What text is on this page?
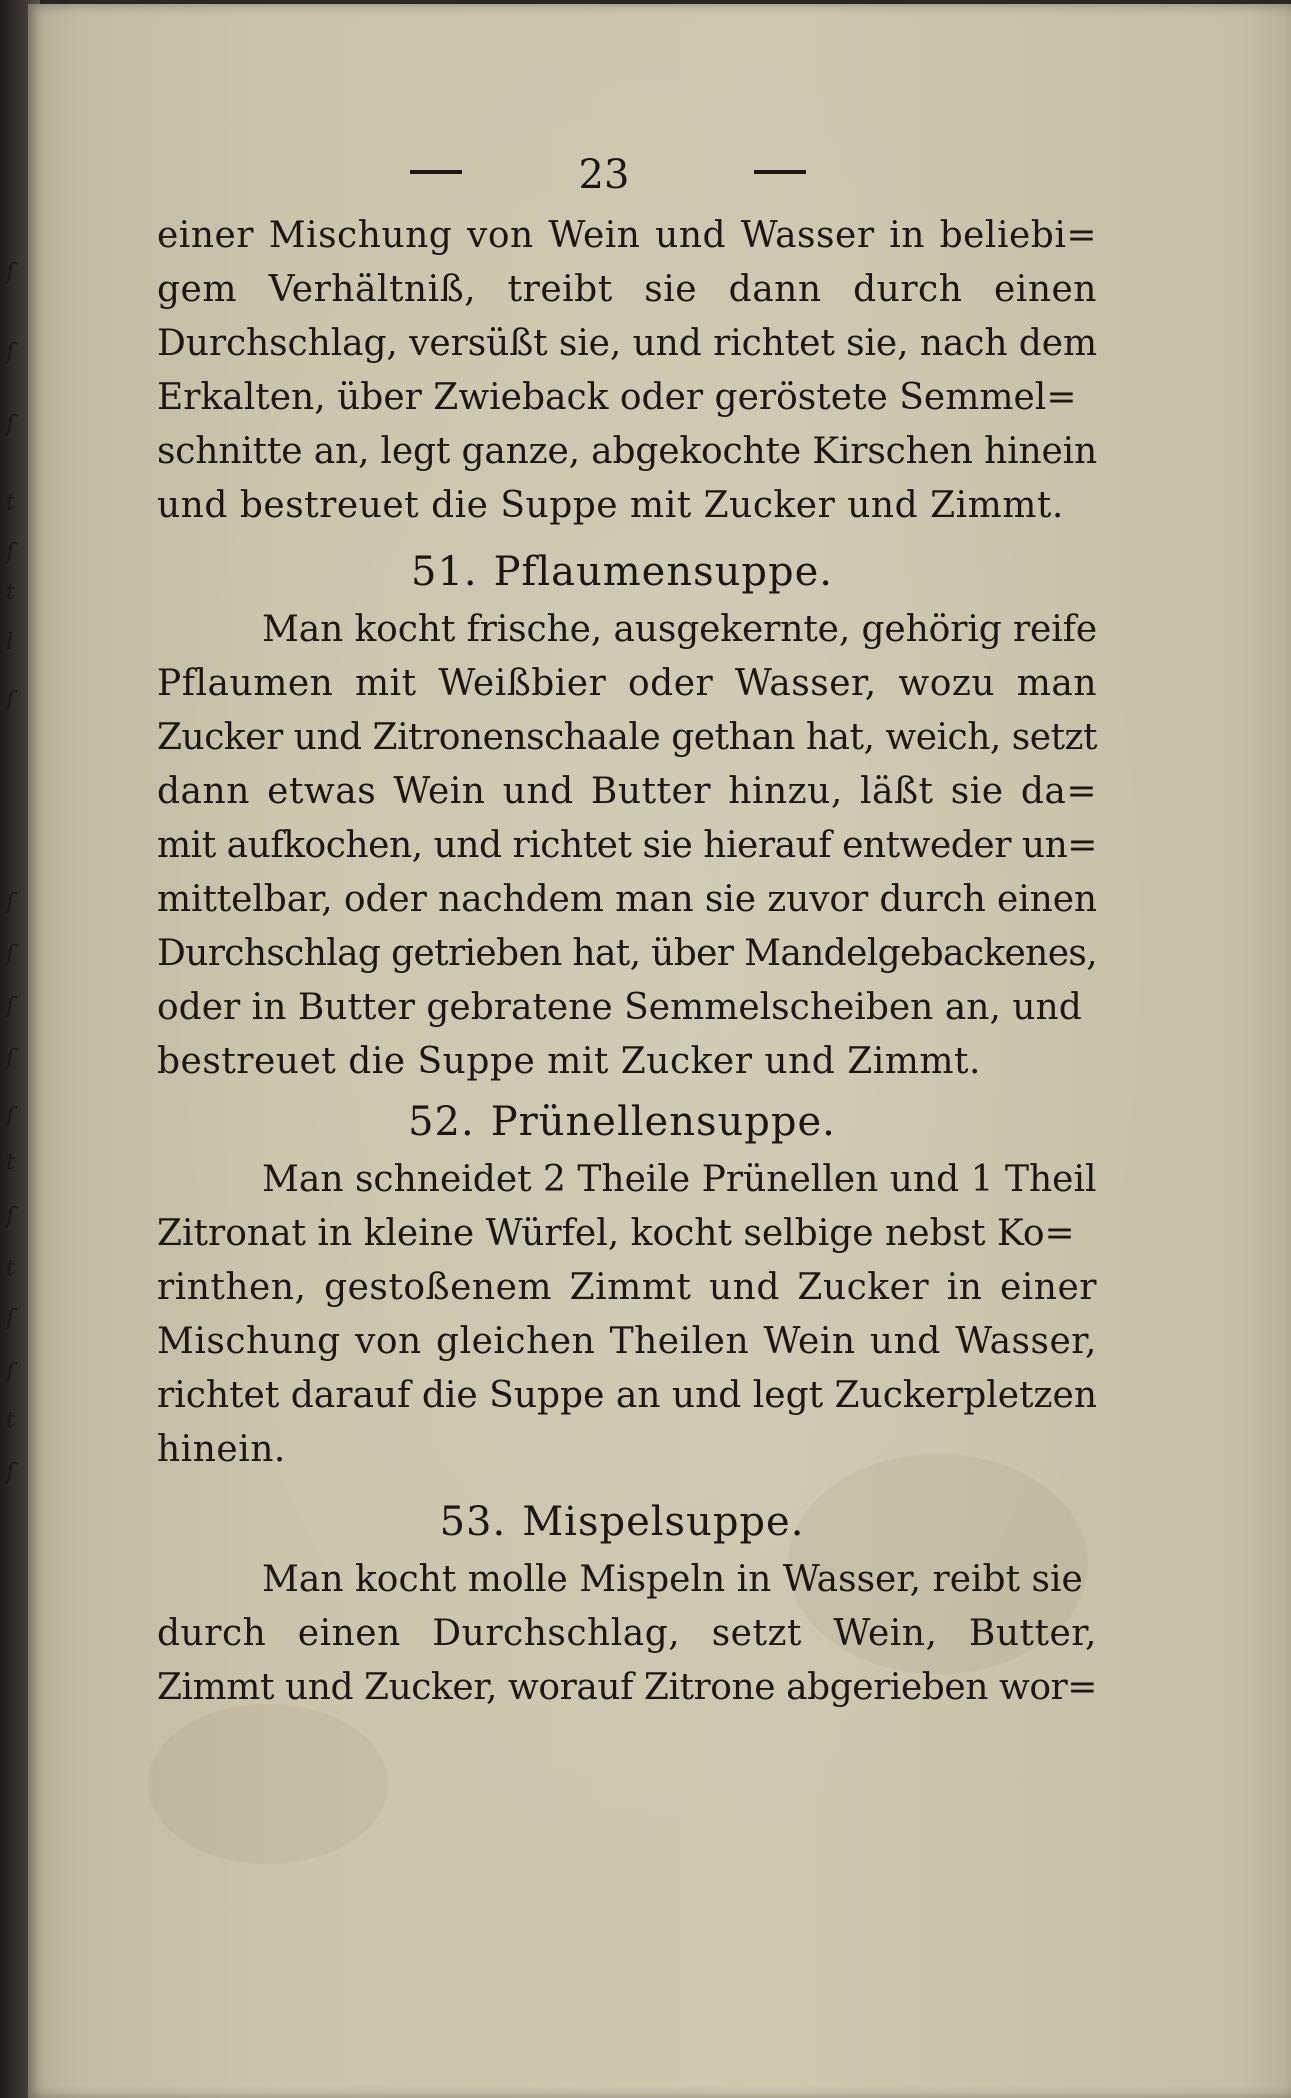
ſ
ſ
ſ
t
ſ
t
l
ſ
ſ
ſ
ſ
ſ
ſ
t
ſ
t
ſ
ſ
t
ſ
23
einer Mischung von Wein und Wasser in beliebi=
gem Verhältniß, treibt sie dann durch einen
Durchschlag, versüßt sie, und richtet sie, nach dem
Erkalten, über Zwieback oder geröstete Semmel=
schnitte an, legt ganze, abgekochte Kirschen hinein
und bestreuet die Suppe mit Zucker und Zimmt.
51. Pflaumensuppe.
Man kocht frische, ausgekernte, gehörig reife
Pflaumen mit Weißbier oder Wasser, wozu man
Zucker und Zitronenschaale gethan hat, weich, setzt
dann etwas Wein und Butter hinzu, läßt sie da=
mit aufkochen, und richtet sie hierauf entweder un=
mittelbar, oder nachdem man sie zuvor durch einen
Durchschlag getrieben hat, über Mandelgebackenes,
oder in Butter gebratene Semmelscheiben an, und
bestreuet die Suppe mit Zucker und Zimmt.
52. Prünellensuppe.
Man schneidet 2 Theile Prünellen und 1 Theil
Zitronat in kleine Würfel, kocht selbige nebst Ko=
rinthen, gestoßenem Zimmt und Zucker in einer
Mischung von gleichen Theilen Wein und Wasser,
richtet darauf die Suppe an und legt Zuckerpletzen
hinein.
53. Mispelsuppe.
Man kocht molle Mispeln in Wasser, reibt sie
durch einen Durchschlag, setzt Wein, Butter,
Zimmt und Zucker, worauf Zitrone abgerieben wor=
